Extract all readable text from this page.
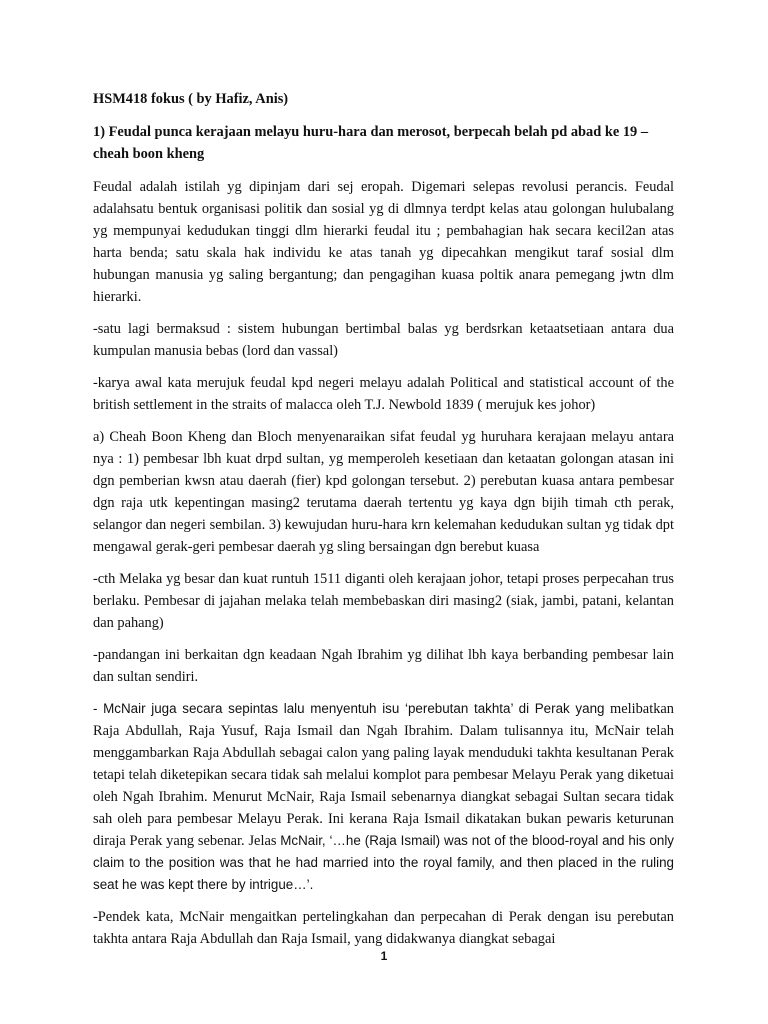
HSM418 fokus ( by Hafiz, Anis)
1) Feudal punca kerajaan melayu huru-hara dan merosot, berpecah belah pd abad ke 19 – cheah boon kheng
Feudal adalah istilah yg dipinjam dari sej eropah. Digemari selepas revolusi perancis. Feudal adalahsatu bentuk organisasi politik dan sosial yg di dlmnya terdpt kelas atau golongan hulubalang yg mempunyai kedudukan tinggi dlm hierarki feudal itu ; pembahagian hak secara kecil2an atas harta benda; satu skala hak individu ke atas tanah yg dipecahkan mengikut taraf sosial dlm hubungan manusia yg saling bergantung; dan pengagihan kuasa poltik anara pemegang jwtn dlm hierarki.
-satu lagi bermaksud : sistem hubungan bertimbal balas yg berdsrkan ketaatsetiaan antara dua kumpulan manusia bebas (lord dan vassal)
-karya awal kata merujuk feudal kpd negeri melayu adalah Political and statistical account of the british settlement in the straits of malacca oleh T.J. Newbold 1839 ( merujuk kes johor)
a) Cheah Boon Kheng dan Bloch menyenaraikan sifat feudal yg huruhara kerajaan melayu antara nya : 1) pembesar lbh kuat drpd sultan, yg memperoleh kesetiaan dan ketaatan golongan atasan ini dgn pemberian kwsn atau daerah (fier) kpd golongan tersebut. 2) perebutan kuasa antara pembesar dgn raja utk kepentingan masing2 terutama daerah tertentu yg kaya dgn bijih timah cth perak, selangor dan negeri sembilan. 3) kewujudan huru-hara krn kelemahan kedudukan sultan yg tidak dpt mengawal gerak-geri pembesar daerah yg sling bersaingan dgn berebut kuasa
-cth Melaka yg besar dan kuat runtuh 1511 diganti oleh kerajaan johor, tetapi proses perpecahan trus berlaku. Pembesar di jajahan melaka telah membebaskan diri masing2 (siak, jambi, patani, kelantan dan pahang)
-pandangan ini berkaitan dgn keadaan Ngah Ibrahim yg dilihat lbh kaya berbanding pembesar lain dan sultan sendiri.
- McNair juga secara sepintas lalu menyentuh isu ‘perebutan takhta’ di Perak yang melibatkan Raja Abdullah, Raja Yusuf, Raja Ismail dan Ngah Ibrahim. Dalam tulisannya itu, McNair telah menggambarkan Raja Abdullah sebagai calon yang paling layak menduduki takhta kesultanan Perak tetapi telah diketepikan secara tidak sah melalui komplot para pembesar Melayu Perak yang diketuai oleh Ngah Ibrahim. Menurut McNair, Raja Ismail sebenarnya diangkat sebagai Sultan secara tidak sah oleh para pembesar Melayu Perak. Ini kerana Raja Ismail dikatakan bukan pewaris keturunan diraja Perak yang sebenar. Jelas McNair, ‘…he (Raja Ismail) was not of the blood-royal and his only claim to the position was that he had married into the royal family, and then placed in the ruling seat he was kept there by intrigue…’.
-Pendek kata, McNair mengaitkan pertelingkahan dan perpecahan di Perak dengan isu perebutan takhta antara Raja Abdullah dan Raja Ismail, yang didakwanya diangkat sebagai
1
